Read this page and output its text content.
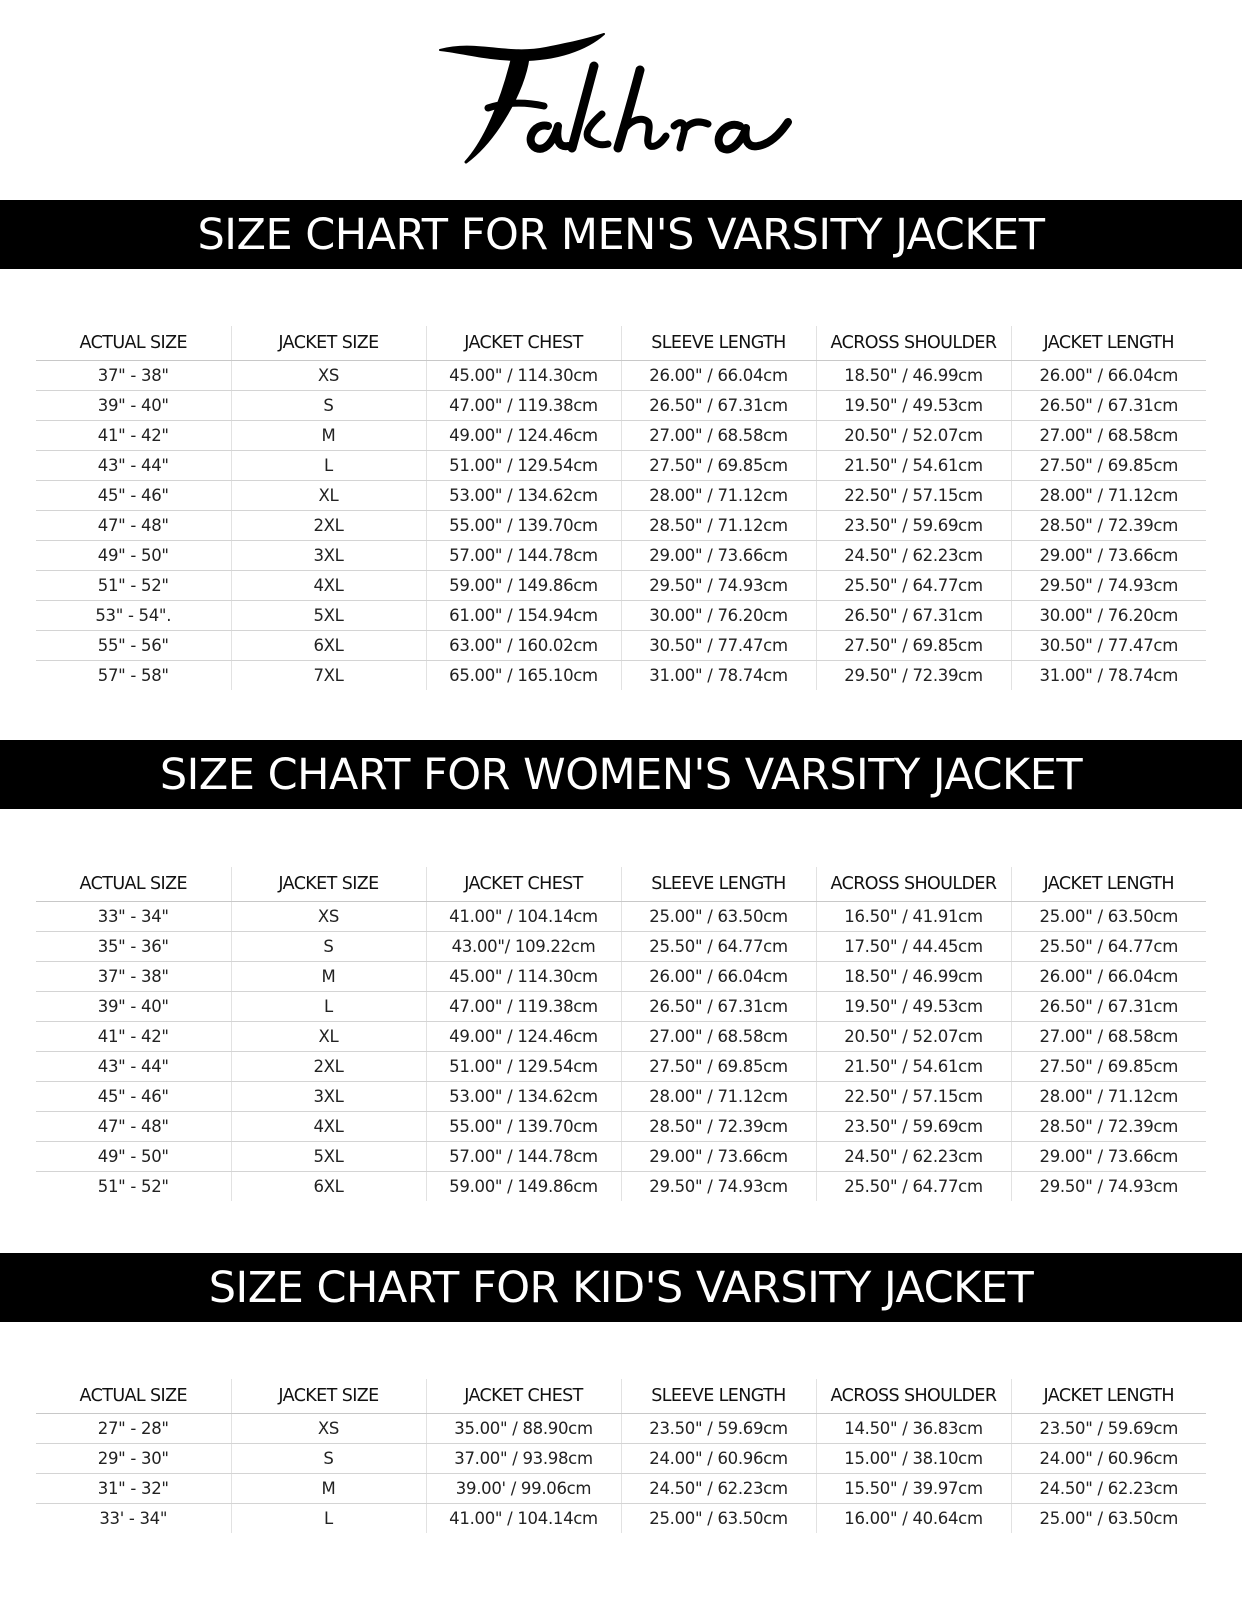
SIZE CHART FOR MEN'S VARSITY JACKET
ACTUAL SIZE	JACKET SIZE	JACKET CHEST	SLEEVE LENGTH	ACROSS SHOULDER	JACKET LENGTH
37" - 38"	XS	45.00" / 114.30cm	26.00" / 66.04cm	18.50" / 46.99cm	26.00" / 66.04cm
39" - 40"	S	47.00" / 119.38cm	26.50" / 67.31cm	19.50" / 49.53cm	26.50" / 67.31cm
41" - 42"	M	49.00" / 124.46cm	27.00" / 68.58cm	20.50" / 52.07cm	27.00" / 68.58cm
43" - 44"	L	51.00" / 129.54cm	27.50" / 69.85cm	21.50" / 54.61cm	27.50" / 69.85cm
45" - 46"	XL	53.00" / 134.62cm	28.00" / 71.12cm	22.50" / 57.15cm	28.00" / 71.12cm
47" - 48"	2XL	55.00" / 139.70cm	28.50" / 71.12cm	23.50" / 59.69cm	28.50" / 72.39cm
49" - 50"	3XL	57.00" / 144.78cm	29.00" / 73.66cm	24.50" / 62.23cm	29.00" / 73.66cm
51" - 52"	4XL	59.00" / 149.86cm	29.50" / 74.93cm	25.50" / 64.77cm	29.50" / 74.93cm
53" - 54".	5XL	61.00" / 154.94cm	30.00" / 76.20cm	26.50" / 67.31cm	30.00" / 76.20cm
55" - 56"	6XL	63.00" / 160.02cm	30.50" / 77.47cm	27.50" / 69.85cm	30.50" / 77.47cm
57" - 58"	7XL	65.00" / 165.10cm	31.00" / 78.74cm	29.50" / 72.39cm	31.00" / 78.74cm
SIZE CHART FOR WOMEN'S VARSITY JACKET
ACTUAL SIZE	JACKET SIZE	JACKET CHEST	SLEEVE LENGTH	ACROSS SHOULDER	JACKET LENGTH
33" - 34"	XS	41.00" / 104.14cm	25.00" / 63.50cm	16.50" / 41.91cm	25.00" / 63.50cm
35" - 36"	S	43.00"/ 109.22cm	25.50" / 64.77cm	17.50" / 44.45cm	25.50" / 64.77cm
37" - 38"	M	45.00" / 114.30cm	26.00" / 66.04cm	18.50" / 46.99cm	26.00" / 66.04cm
39" - 40"	L	47.00" / 119.38cm	26.50" / 67.31cm	19.50" / 49.53cm	26.50" / 67.31cm
41" - 42"	XL	49.00" / 124.46cm	27.00" / 68.58cm	20.50" / 52.07cm	27.00" / 68.58cm
43" - 44"	2XL	51.00" / 129.54cm	27.50" / 69.85cm	21.50" / 54.61cm	27.50" / 69.85cm
45" - 46"	3XL	53.00" / 134.62cm	28.00" / 71.12cm	22.50" / 57.15cm	28.00" / 71.12cm
47" - 48"	4XL	55.00" / 139.70cm	28.50" / 72.39cm	23.50" / 59.69cm	28.50" / 72.39cm
49" - 50"	5XL	57.00" / 144.78cm	29.00" / 73.66cm	24.50" / 62.23cm	29.00" / 73.66cm
51" - 52"	6XL	59.00" / 149.86cm	29.50" / 74.93cm	25.50" / 64.77cm	29.50" / 74.93cm
SIZE CHART FOR KID'S VARSITY JACKET
ACTUAL SIZE	JACKET SIZE	JACKET CHEST	SLEEVE LENGTH	ACROSS SHOULDER	JACKET LENGTH
27" - 28"	XS	35.00" / 88.90cm	23.50" / 59.69cm	14.50" / 36.83cm	23.50" / 59.69cm
29" - 30"	S	37.00" / 93.98cm	24.00" / 60.96cm	15.00" / 38.10cm	24.00" / 60.96cm
31" - 32"	M	39.00' / 99.06cm	24.50" / 62.23cm	15.50" / 39.97cm	24.50" / 62.23cm
33' - 34"	L	41.00" / 104.14cm	25.00" / 63.50cm	16.00" / 40.64cm	25.00" / 63.50cm
